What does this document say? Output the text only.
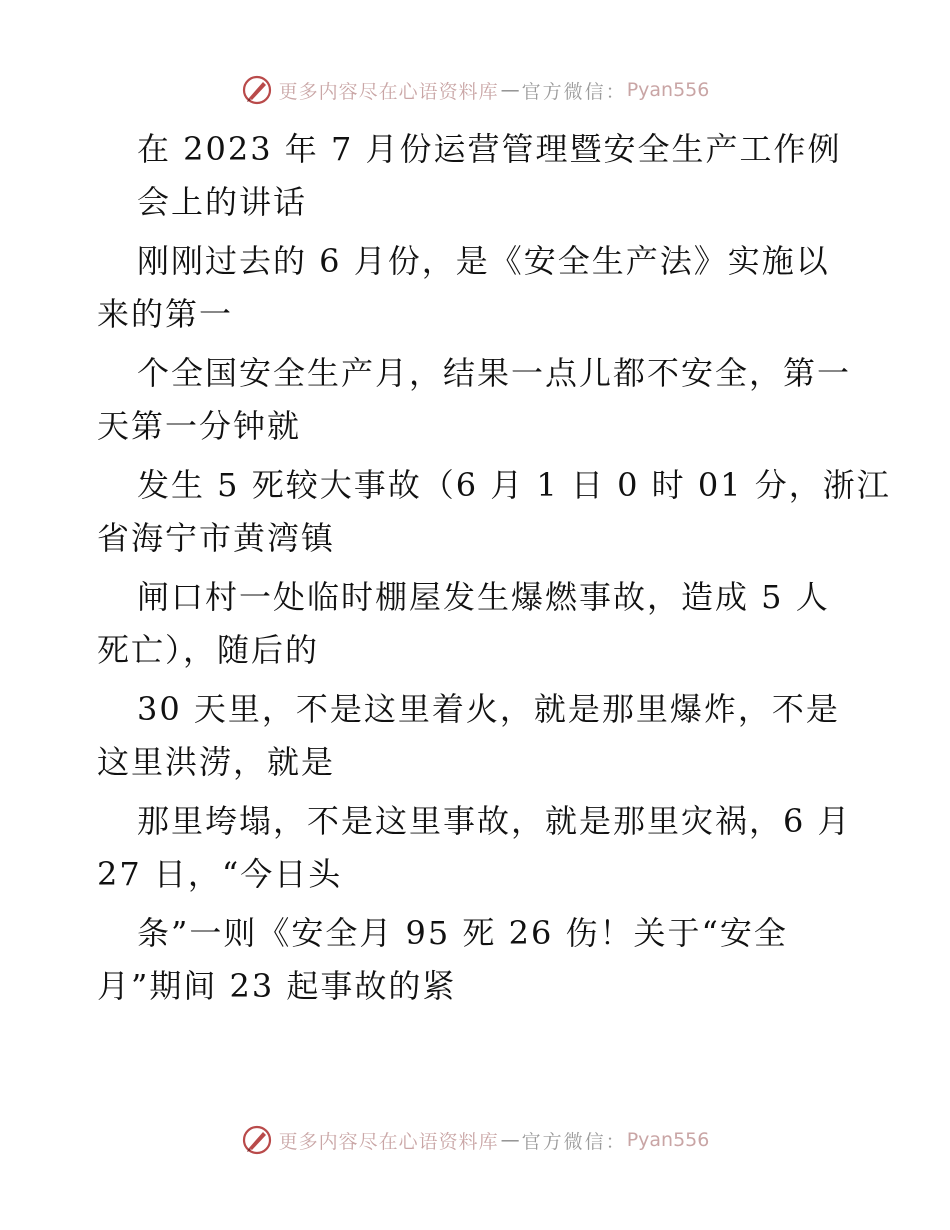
更多内容尽在心语资料库 — 官方微信： Pyan556

在 2023 年 7 月份运营管理暨安全生产工作例

会上的讲话

刚刚过去的 6 月份，是《安全生产法》实施以

来的第一

个全国安全生产月，结果一点儿都不安全，第一

天第一分钟就

发生 5 死较大事故（6 月 1 日 0 时 01 分，浙江

省海宁市黄湾镇

闸口村一处临时棚屋发生爆燃事故，造成 5 人

死亡），随后的

30 天里，不是这里着火，就是那里爆炸，不是

这里洪涝，就是

那里垮塌，不是这里事故，就是那里灾祸，6 月

27 日，“今日头

条”一则《安全月 95 死 26 伤！关于“安全

月”期间 23 起事故的紧

更多内容尽在心语资料库 — 官方微信： Pyan556
